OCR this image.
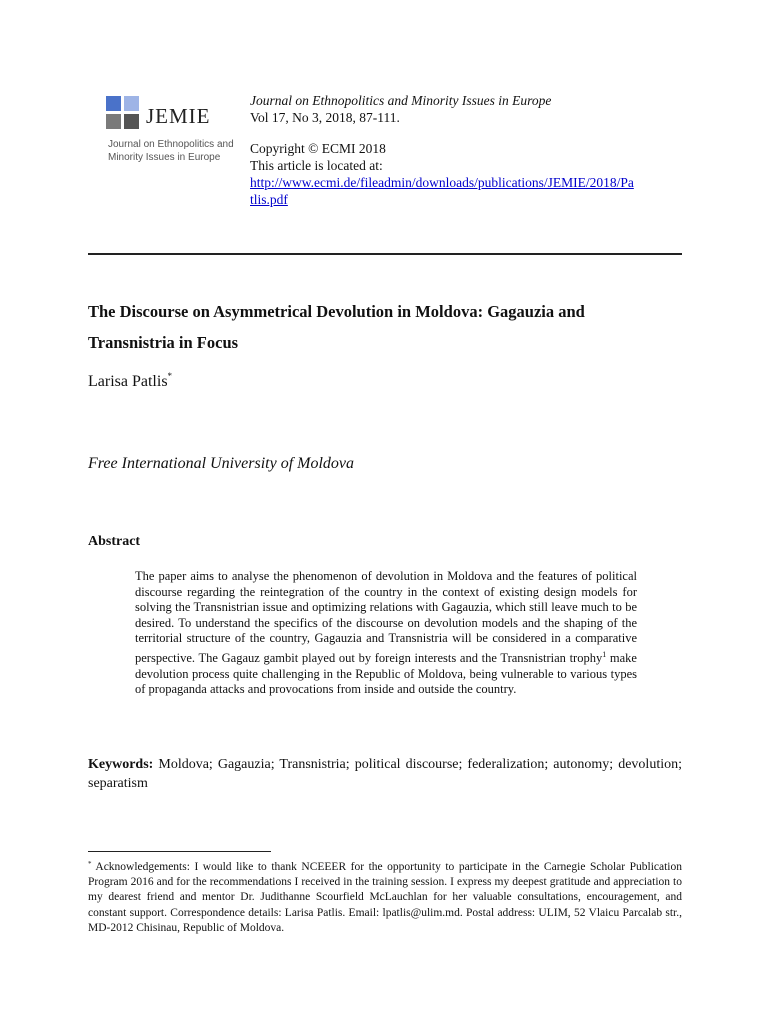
JEMIE
Journal on Ethnopolitics and
Minority Issues in Europe
Journal on Ethnopolitics and Minority Issues in Europe
Vol 17, No 3, 2018, 87-111.
Copyright © ECMI 2018
This article is located at:
http://www.ecmi.de/fileadmin/downloads/publications/JEMIE/2018/Pa
tlis.pdf
The Discourse on Asymmetrical Devolution in Moldova: Gagauzia and
Transnistria in Focus
Larisa Patlis*
Free International University of Moldova
Abstract
The paper aims to analyse the phenomenon of devolution in Moldova and the features of political discourse regarding the reintegration of the country in the context of existing design models for solving the Transnistrian issue and optimizing relations with Gagauzia, which still leave much to be desired. To understand the specifics of the discourse on devolution models and the shaping of the territorial structure of the country, Gagauzia and Transnistria will be considered in a comparative perspective. The Gagauz gambit played out by foreign interests and the Transnistrian trophy$^1$ make devolution process quite challenging in the Republic of Moldova, being vulnerable to various types of propaganda attacks and provocations from inside and outside the country.
Keywords: Moldova; Gagauzia; Transnistria; political discourse; federalization; autonomy; devolution; separatism
* Acknowledgements: I would like to thank NCEEER for the opportunity to participate in the Carnegie Scholar Publication Program 2016 and for the recommendations I received in the training session. I express my deepest gratitude and appreciation to my dearest friend and mentor Dr. Judithanne Scourfield McLauchlan for her valuable consultations, encouragement, and constant support. Correspondence details: Larisa Patlis. Email: lpatlis@ulim.md. Postal address: ULIM, 52 Vlaicu Parcalab str., MD-2012 Chisinau, Republic of Moldova.
